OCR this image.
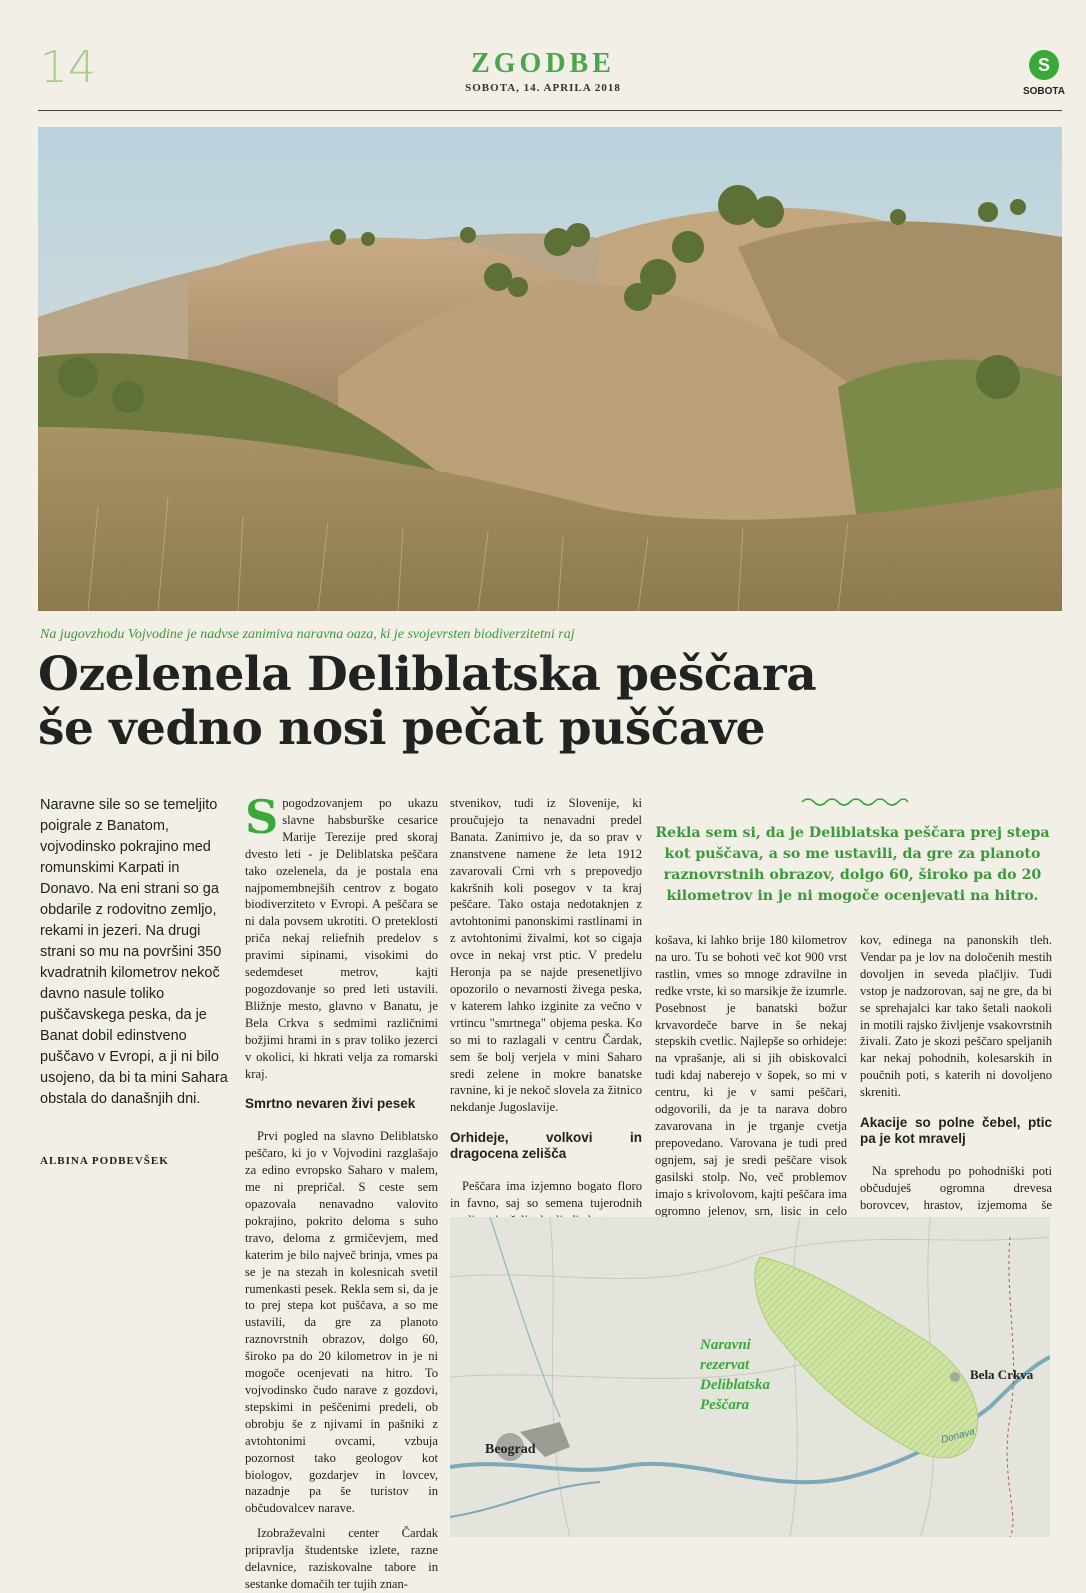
14	ZGODBE
SOBOTA, 14. APRILA 2018
S
SOBOTA
Na jugovzhodu Vojvodine je nadvse zanimiva naravna oaza, ki je svojevrsten biodiverzitetni raj
Ozelenela Deliblatska peščara
še vedno nosi pečat puščave
Naravne sile so se temeljito poigrale z Banatom, vojvodinsko pokrajino med romunskimi Karpati in Donavo. Na eni strani so ga obdarile z rodovitno zemljo, rekami in jezeri. Na drugi strani so mu na površini 350 kvadratnih kilometrov nekoč davno nasule toliko puščavskega peska, da je Banat dobil edinstveno puščavo v Evropi, a ji ni bilo usojeno, da bi ta mini Sahara obstala do današnjih dni.
ALBINA PODBEVŠEK

Spogodzovanjem po ukazu slavne habsburške cesarice Marije Terezije pred skoraj dvesto leti - je Deliblatska peščara tako ozelenela, da je postala ena najpomembnejših centrov z bogato biodiverziteto v Evropi. A peščara se ni dala povsem ukrotiti. O preteklosti priča nekaj reliefnih predelov s pravimi sipinami, visokimi do sedemdeset metrov, kajti pogozdovanje so pred leti ustavili. Bližnje mesto, glavno v Banatu, je Bela Crkva s sedmimi različnimi božjimi hrami in s prav toliko jezerci v okolici, ki hkrati velja za romarski kraj.

Smrtno nevaren živi pesek

Prvi pogled na slavno Deliblatsko peščaro, ki jo v Vojvodini razglašajo za edino evropsko Saharo v malem, me ni prepričal. S ceste sem opazovala nenavadno valovito pokrajino, pokrito deloma s suho travo, deloma z grmičevjem, med katerim je bilo največ brinja, vmes pa se je na stezah in kolesnicah svetil rumenkasti pesek. Rekla sem si, da je to prej stepa kot puščava, a so me ustavili, da gre za planoto raznovrstnih obrazov, dolgo 60, široko pa do 20 kilometrov in je ni mogoče ocenjevati na hitro. To vojvodinsko čudo narave z gozdovi, stepskimi in peščenimi predeli, ob obrobju še z njivami in pašniki z avtohtonimi ovcami, vzbuja pozornost tako geologov kot biologov, gozdarjev in lovcev, nazadnje pa še turistov in občudovalcev narave.

Izobraževalni center Čardak pripravlja študentske izlete, razne delavnice, raziskovalne tabore in sestanke domačih ter tujih znan-

stvenikov, tudi iz Slovenije, ki proučujejo ta nenavadni predel Banata. Zanimivo je, da so prav v znanstvene namene že leta 1912 zavarovali Crni vrh s prepovedjo kakršnih koli posegov v ta kraj peščare. Tako ostaja nedotaknjen z avtohtonimi panonskimi rastlinami in z avtohtonimi živalmi, kot so cigaja ovce in nekaj vrst ptic. V predelu Heronja pa se najde presenetljivo opozorilo o nevarnosti živega peska, v katerem lahko izginite za večno v vrtincu "smrtnega" objema peska. Ko so mi to razlagali v centru Čardak, sem še bolj verjela v mini Saharo sredi zelene in mokre banatske ravnine, ki je nekoč slovela za žitnico nekdanje Jugoslavije.

Orhideje, volkovi in dragocena zelišča

Peščara ima izjemno bogato floro in favno, saj so semena tujerodnih

Rekla sem si, da je Deliblatska peščara prej stepa kot puščava, a so me ustavili, da gre za planoto raznovrstnih obrazov, dolgo 60, široko pa do 20 kilometrov in je ni mogoče ocenjevati na hitro.

košava, ki lahko brije 180 kilometrov na uro. Tu se bohoti več kot 900 vrst rastlin, vmes so mnoge zdravilne in redke vrste, ki so marsikje že izumrle. Posebnost je banatski božur krvavordeče barve in še nekaj stepskih cvetlic. Najlepše so orhideje: na vprašanje, ali si jih obiskovalci tudi kdaj naberejo v šopek, so mi v centru, ki je v sami peščari, odgovorili, da je ta narava dobro zavarovana in je trganje cvetja prepovedano. Varovana je tudi pred ognjem, saj je sredi peščare visok gasilski stolp. No, več problemov imajo s krivolovom, kajti peščara ima ogromno jelenov, srn, lisic in celo

kov, edinega na panonskih tleh. Vendar pa je lov na določenih mestih dovoljen in seveda plačljiv. Tudi vstop je nadzorovan, saj ne gre, da bi se sprehajalci kar tako šetali naokoli in motili rajsko življenje vsakovrstnih živali. Zato je skozi peščaro speljanih kar nekaj pohodnih, kolesarskih in poučnih poti, s katerih ni dovoljeno skreniti.

Akacije so polne čebel, ptic pa je kot mravelj

Na sprehodu po pohodniški poti občuduješ ogromna drevesa borovcev, hrastov, izjemoma še

Naravni
rezervat
Deliblatska
Peščara
Beograd
Bela Crkva
Donava
